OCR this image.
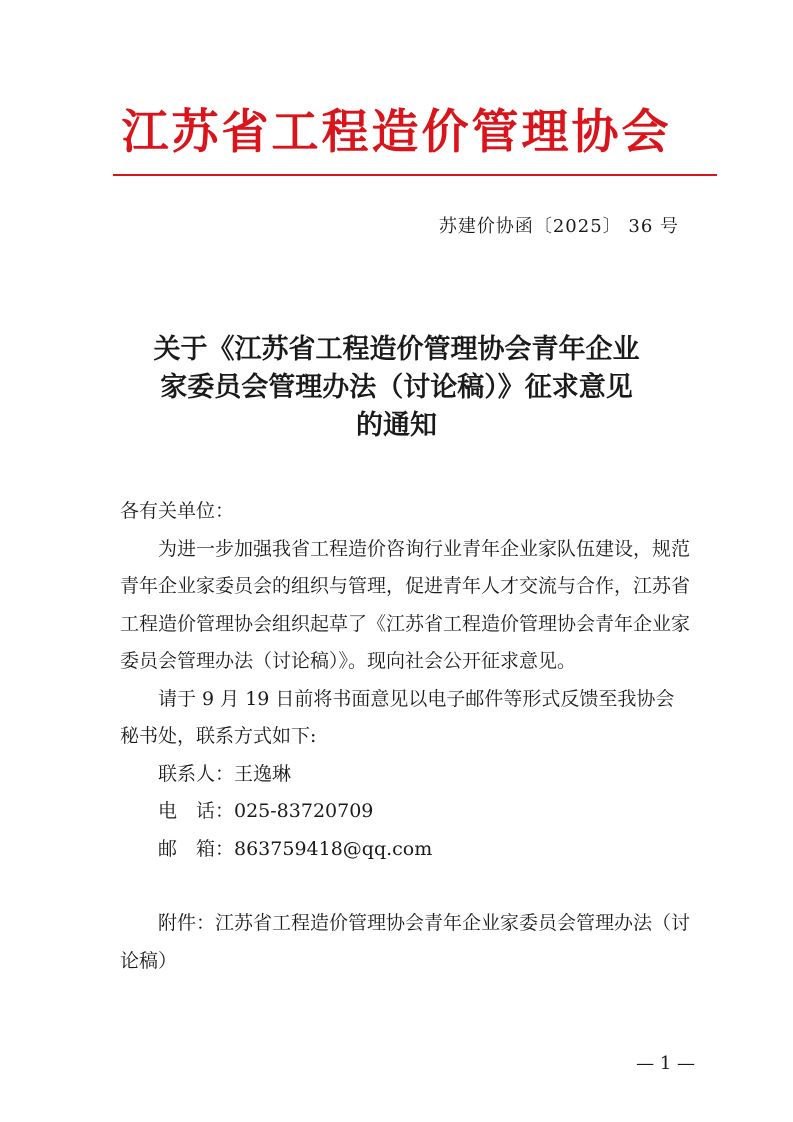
江苏省工程造价管理协会
苏建价协函〔2025〕 36 号
关于《江苏省工程造价管理协会青年企业
家委员会管理办法（讨论稿）》征求意见
的通知

各有关单位：

为进一步加强我省工程造价咨询行业青年企业家队伍建设，规范青年企业家委员会的组织与管理，促进青年人才交流与合作，江苏省工程造价管理协会组织起草了《江苏省工程造价管理协会青年企业家委员会管理办法（讨论稿）》。现向社会公开征求意见。

请于 9 月 19 日前将书面意见以电子邮件等形式反馈至我协会秘书处，联系方式如下:

联系人：王逸琳

电　话：025-83720709

邮　箱：863759418@qq.com

附件：江苏省工程造价管理协会青年企业家委员会管理办法（讨论稿）

— 1 —
